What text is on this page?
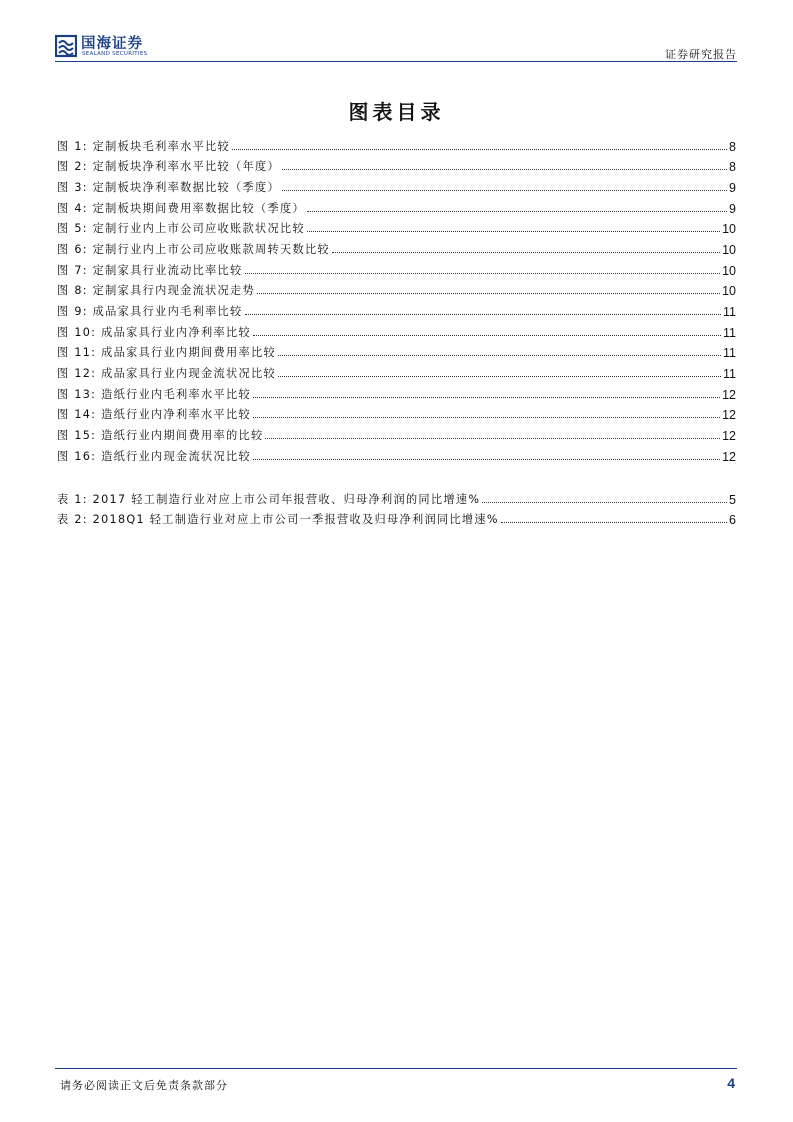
国海证券
SEALAND SECURITIES	证券研究报告
图表目录
图 1: 定制板块毛利率水平比较	8
图 2: 定制板块净利率水平比较（年度）	8
图 3: 定制板块净利率数据比较（季度）	9
图 4: 定制板块期间费用率数据比较（季度）	9
图 5: 定制行业内上市公司应收账款状况比较	10
图 6: 定制行业内上市公司应收账款周转天数比较	10
图 7: 定制家具行业流动比率比较	10
图 8: 定制家具行内现金流状况走势	10
图 9: 成品家具行业内毛利率比较	11
图 10: 成品家具行业内净利率比较	11
图 11: 成品家具行业内期间费用率比较	11
图 12: 成品家具行业内现金流状况比较	11
图 13: 造纸行业内毛利率水平比较	12
图 14: 造纸行业内净利率水平比较	12
图 15: 造纸行业内期间费用率的比较	12
图 16: 造纸行业内现金流状况比较	12
表 1: 2017 轻工制造行业对应上市公司年报营收、归母净利润的同比增速%	5
表 2: 2018Q1 轻工制造行业对应上市公司一季报营收及归母净利润同比增速%	6
请务必阅读正文后免责条款部分	4
